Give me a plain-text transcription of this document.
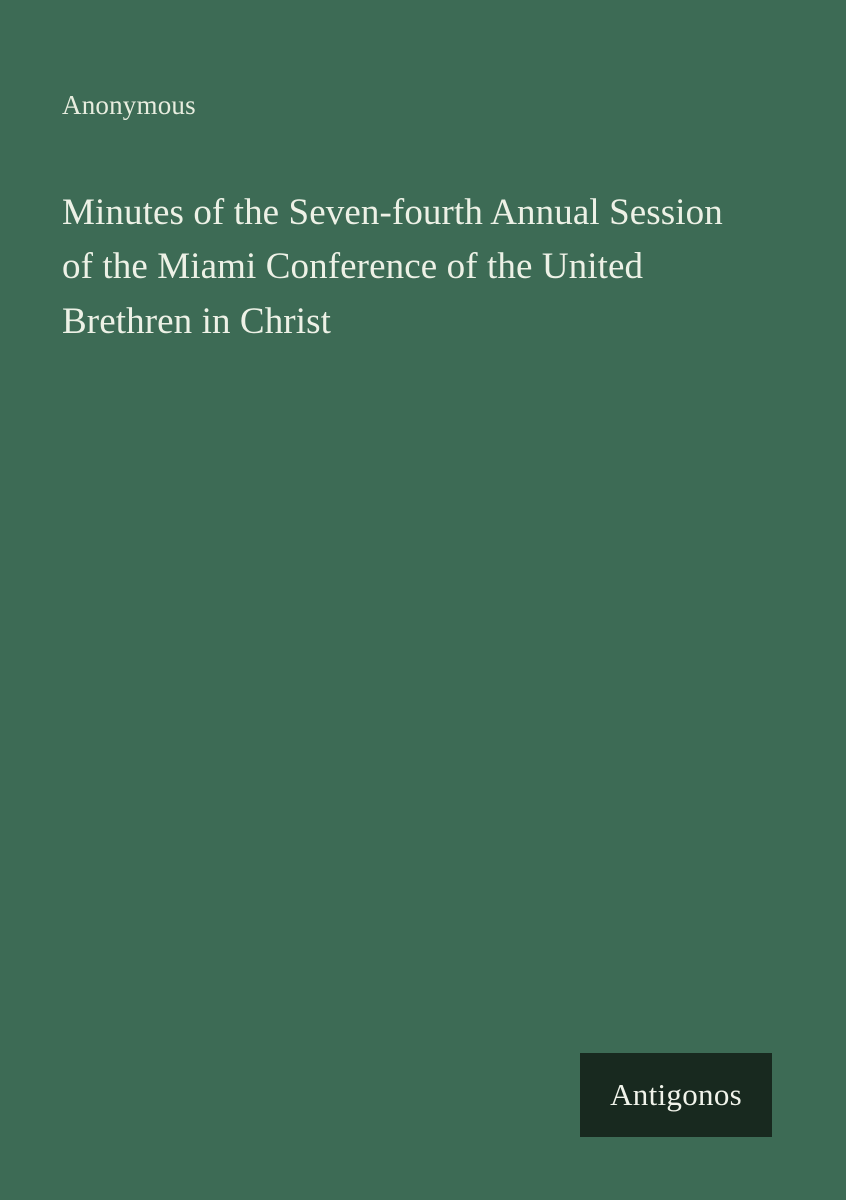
Anonymous
Minutes of the Seven-fourth Annual Session of the Miami Conference of the United Brethren in Christ
Antigonos
